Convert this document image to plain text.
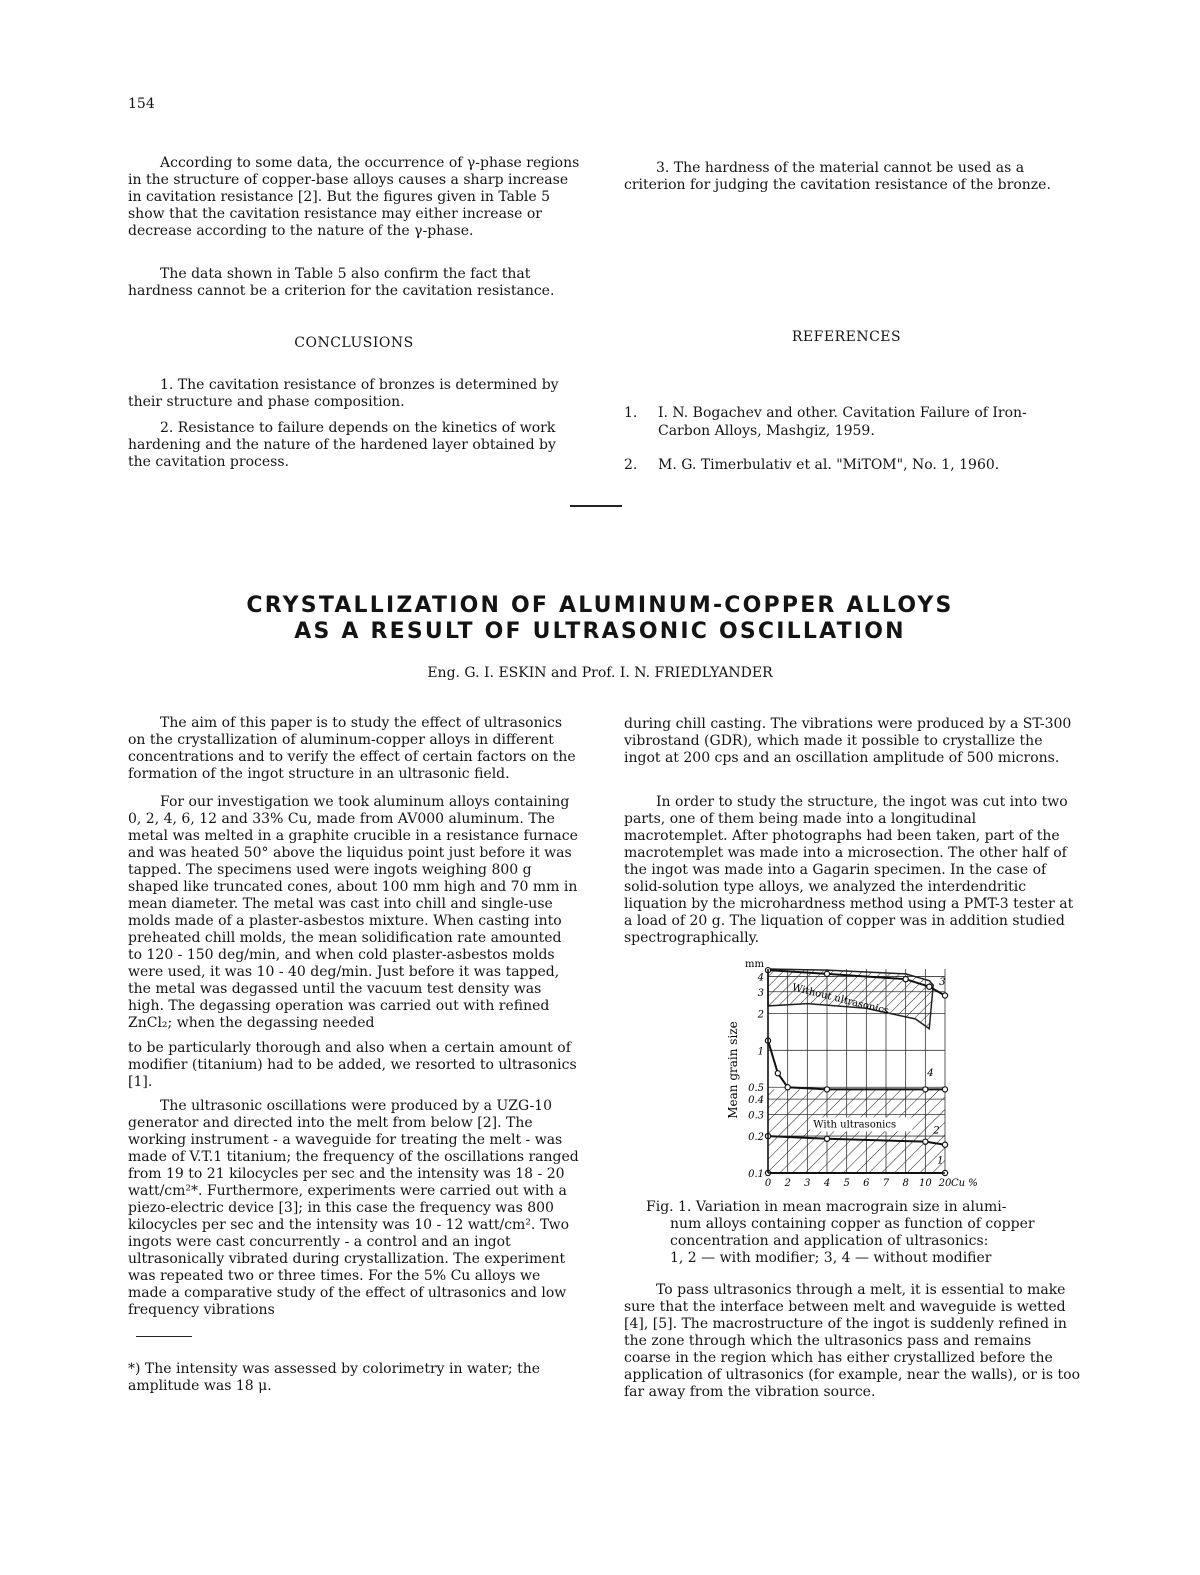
154

According to some data, the occurrence of γ-phase regions in the structure of copper-base alloys causes a sharp increase in cavitation resistance [2]. But the figures given in Table 5 show that the cavitation resistance may either increase or decrease according to the nature of the γ-phase.

The data shown in Table 5 also confirm the fact that hardness cannot be a criterion for the cavitation resistance.

CONCLUSIONS

1. The cavitation resistance of bronzes is determined by their structure and phase composition.

2. Resistance to failure depends on the kinetics of work hardening and the nature of the hardened layer obtained by the cavitation process.

3. The hardness of the material cannot be used as a criterion for judging the cavitation resistance of the bronze.

REFERENCES
1. I. N. Bogachev and other. Cavitation Failure of Iron-
Carbon Alloys, Mashgiz, 1959.
2. M. G. Timerbulativ et al. "MiTOM", No. 1, 1960.
CRYSTALLIZATION OF ALUMINUM-COPPER ALLOYS
AS A RESULT OF ULTRASONIC OSCILLATION
Eng. G. I. ESKIN and Prof. I. N. FRIEDLYANDER

The aim of this paper is to study the effect of ultrasonics on the crystallization of aluminum-copper alloys in different concentrations and to verify the effect of certain factors on the formation of the ingot structure in an ultrasonic field.

For our investigation we took aluminum alloys containing 0, 2, 4, 6, 12 and 33% Cu, made from AV000 aluminum. The metal was melted in a graphite crucible in a resistance furnace and was heated 50° above the liquidus point just before it was tapped. The specimens used were ingots weighing 800 g shaped like truncated cones, about 100 mm high and 70 mm in mean diameter. The metal was cast into chill and single-use molds made of a plaster-asbestos mixture. When casting into preheated chill molds, the mean solidification rate amounted to 120 - 150 deg/min, and when cold plaster-asbestos molds were used, it was 10 - 40 deg/min. Just before it was tapped, the metal was degassed until the vacuum test density was high. The degassing operation was carried out with refined ZnCl₂; when the degassing needed

to be particularly thorough and also when a certain amount of modifier (titanium) had to be added, we resorted to ultrasonics [1].

The ultrasonic oscillations were produced by a UZG-10 generator and directed into the melt from below [2]. The working instrument - a waveguide for treating the melt - was made of V.T.1 titanium; the frequency of the oscillations ranged from 19 to 21 kilocycles per sec and the intensity was 18 - 20 watt/cm²*. Furthermore, experiments were carried out with a piezo-electric device [3]; in this case the frequency was 800 kilocycles per sec and the intensity was 10 - 12 watt/cm². Two ingots were cast concurrently - a control and an ingot ultrasonically vibrated during crystallization. The experiment was repeated two or three times. For the 5% Cu alloys we made a comparative study of the effect of ultrasonics and low frequency vibrations

*) The intensity was assessed by colorimetry in water; the amplitude was 18 μ.

during chill casting. The vibrations were produced by a ST-300 vibrostand (GDR), which made it possible to crystallize the ingot at 200 cps and an oscillation amplitude of 500 microns.

In order to study the structure, the ingot was cut into two parts, one of them being made into a longitudinal macrotemplet. After photographs had been taken, part of the macrotemplet was made into a microsection. The other half of the ingot was made into a Gagarin specimen. In the case of solid-solution type alloys, we analyzed the interdendritic liquation by the microhardness method using a PMT-3 tester at a load of 20 g. The liquation of copper was in addition studied spectrographically.

Without ultrasonics
With ultrasonics
1
2
3
4
4
3
2
1
0.5
0.4
0.3
0.2
0.1
0 2 3 4 5 6 7 8 10 20
mm
Cu %
Mean grain size
Fig. 1. Variation in mean macrograin size in alumi-
num alloys containing copper as function of copper
concentration and application of ultrasonics:
1, 2 — with modifier; 3, 4 — without modifier

To pass ultrasonics through a melt, it is essential to make sure that the interface between melt and waveguide is wetted [4], [5]. The macrostructure of the ingot is suddenly refined in the zone through which the ultrasonics pass and remains coarse in the region which has either crystallized before the application of ultrasonics (for example, near the walls), or is too far away from the vibration source.
